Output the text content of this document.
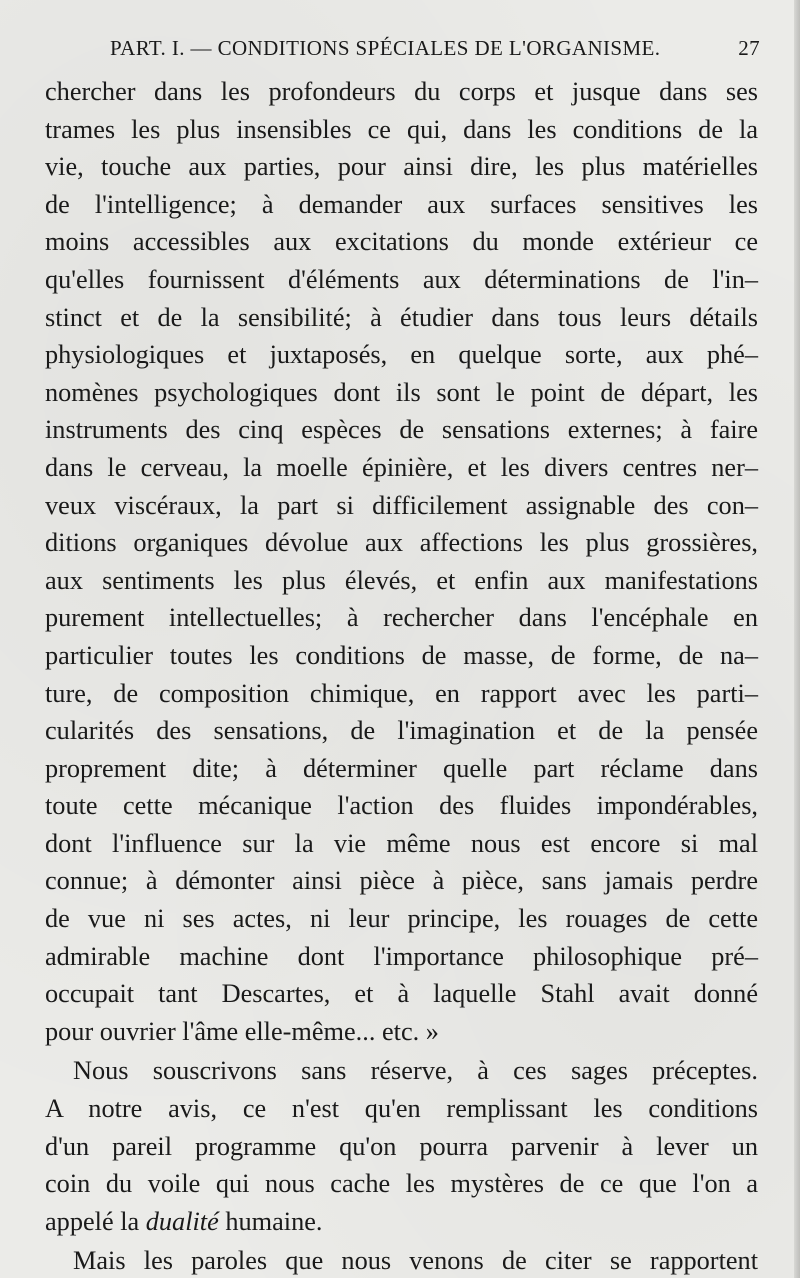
PART. I. — CONDITIONS SPÉCIALES DE L'ORGANISME.	27
chercher dans les profondeurs du corps et jusque dans ses
trames les plus insensibles ce qui, dans les conditions de la
vie, touche aux parties, pour ainsi dire, les plus matérielles
de l'intelligence; à demander aux surfaces sensitives les
moins accessibles aux excitations du monde extérieur ce
qu'elles fournissent d'éléments aux déterminations de l'in–
stinct et de la sensibilité; à étudier dans tous leurs détails
physiologiques et juxtaposés, en quelque sorte, aux phé–
nomènes psychologiques dont ils sont le point de départ, les
instruments des cinq espèces de sensations externes; à faire
dans le cerveau, la moelle épinière, et les divers centres ner–
veux viscéraux, la part si difficilement assignable des con–
ditions organiques dévolue aux affections les plus grossières,
aux sentiments les plus élevés, et enfin aux manifestations
purement intellectuelles; à rechercher dans l'encéphale en
particulier toutes les conditions de masse, de forme, de na–
ture, de composition chimique, en rapport avec les parti–
cularités des sensations, de l'imagination et de la pensée
proprement dite; à déterminer quelle part réclame dans
toute cette mécanique l'action des fluides impondérables,
dont l'influence sur la vie même nous est encore si mal
connue; à démonter ainsi pièce à pièce, sans jamais perdre
de vue ni ses actes, ni leur principe, les rouages de cette
admirable machine dont l'importance philosophique pré–
occupait tant Descartes, et à laquelle Stahl avait donné
pour ouvrier l'âme elle-même... etc. »
Nous souscrivons sans réserve, à ces sages préceptes.
A notre avis, ce n'est qu'en remplissant les conditions
d'un pareil programme qu'on pourra parvenir à lever un
coin du voile qui nous cache les mystères de ce que l'on a
appelé la dualité humaine.
Mais les paroles que nous venons de citer se rapportent
